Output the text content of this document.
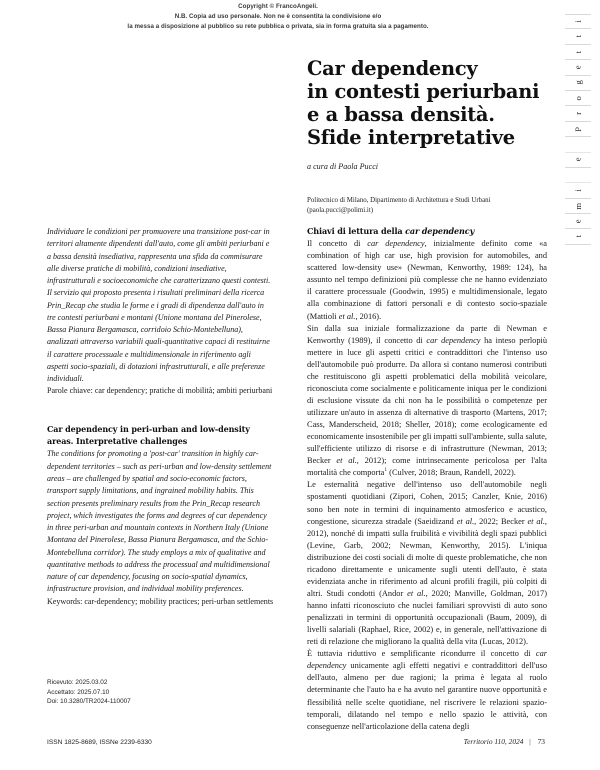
Copyright © FrancoAngeli.
N.B. Copia ad uso personale. Non ne è consentita la condivisione e/o
la messa a disposizione al pubblico su rete pubblica o privata, sia in forma gratuita sia a pagamento.
Car dependency
in contesti periurbani
e a bassa densità.
Sfide interpretative
a cura di Paola Pucci
Politecnico di Milano, Dipartimento di Architettura e Studi Urbani
(paola.pucci@polimi.it)

Individuare le condizioni per promuovere una transizione post-car in territori altamente dipendenti dall'auto, come gli ambiti periurbani e a bassa densità insediativa, rappresenta una sfida da commisurare alle diverse pratiche di mobilità, condizioni insediative, infrastrutturali e socioeconomiche che caratterizzano questi contesti. Il servizio qui proposto presenta i risultati preliminari della ricerca Prin_Recap che studia le forme e i gradi di dipendenza dall'auto in tre contesti periurbani e montani (Unione montana del Pinerolese, Bassa Pianura Bergamasca, corridoio Schio-Montebelluna), analizzati attraverso variabili quali-quantitative capaci di restituirne il carattere processuale e multidimensionale in riferimento agli aspetti socio-spaziali, di dotazioni infrastrutturali, e alle preferenze individuali.

Parole chiave: car dependency; pratiche di mobilità; ambiti periurbani

Car dependency in peri-urban and low-density
areas. Interpretative challenges

The conditions for promoting a 'post-car' transition in highly car-dependent territories – such as peri-urban and low-density settlement areas – are challenged by spatial and socio-economic factors, transport supply limitations, and ingrained mobility habits. This section presents preliminary results from the Prin_Recap research project, which investigates the forms and degrees of car dependency in three peri-urban and mountain contexts in Northern Italy (Unione Montana del Pinerolese, Bassa Pianura Bergamasca, and the Schio-Montebelluna corridor). The study employs a mix of qualitative and quantitative methods to address the processual and multidimensional nature of car dependency, focusing on socio-spatial dynamics, infrastructure provision, and individual mobility preferences.

Keywords: car-dependency; mobility practices; peri-urban settlements

Ricevuto: 2025.03.02
Accettato: 2025.07.10
Doi: 10.3280/TR2024-110007
Chiavi di lettura della car dependency

Il concetto di car dependency, inizialmente definito come «a combination of high car use, high provision for automobiles, and scattered low-density use» (Newman, Kenworthy, 1989: 124), ha assunto nel tempo definizioni più complesse che ne hanno evidenziato il carattere processuale (Goodwin, 1995) e multidimensionale, legato alla combinazione di fattori personali e di contesto socio-spaziale (Mattioli et al., 2016).

Sin dalla sua iniziale formalizzazione da parte di Newman e Kenworthy (1989), il concetto di car dependency ha inteso perlopiù mettere in luce gli aspetti critici e contraddittori che l'intenso uso dell'automobile può produrre. Da allora si contano numerosi contributi che restituiscono gli aspetti problematici della mobilità veicolare, riconosciuta come socialmente e politicamente iniqua per le condizioni di esclusione vissute da chi non ha le possibilità o competenze per utilizzare un'auto in assenza di alternative di trasporto (Martens, 2017; Cass, Manderscheid, 2018; Sheller, 2018); come ecologicamente ed economicamente insostenibile per gli impatti sull'ambiente, sulla salute, sull'efficiente utilizzo di risorse e di infrastrutture (Newman, 2013; Becker et al., 2012); come intrinsecamente pericolosa per l'alta mortalità che comporta$^1$ (Culver, 2018; Braun, Randell, 2022).

Le esternalità negative dell'intenso uso dell'automobile negli spostamenti quotidiani (Zipori, Cohen, 2015; Canzler, Knie, 2016) sono ben note in termini di inquinamento atmosferico e acustico, congestione, sicurezza stradale (Saeidizand et al., 2022; Becker et al., 2012), nonché di impatti sulla fruibilità e vivibilità degli spazi pubblici (Levine, Garb, 2002; Newman, Kenworthy, 2015). L'iniqua distribuzione dei costi sociali di molte di queste problematiche, che non ricadono direttamente e unicamente sugli utenti dell'auto, è stata evidenziata anche in riferimento ad alcuni profili fragili, più colpiti di altri. Studi condotti (Andor et al., 2020; Manville, Goldman, 2017) hanno infatti riconosciuto che nuclei familiari sprovvisti di auto sono penalizzati in termini di opportunità occupazionali (Baum, 2009), di livelli salariali (Raphael, Rice, 2002) e, in generale, nell'attivazione di reti di relazione che migliorano la qualità della vita (Lucas, 2012).

È tuttavia riduttivo e semplificante ricondurre il concetto di car dependency unicamente agli effetti negativi e contraddittori dell'uso dell'auto, almeno per due ragioni; la prima è legata al ruolo determinante che l'auto ha e ha avuto nel garantire nuove opportunità e flessibilità nelle scelte quotidiane, nel riscrivere le relazioni spazio-temporali, dilatando nel tempo e nello spazio le attività, con conseguenze nell'articolazione della catena degli

ISSN 1825-8689, ISSNe 2239-6330	Territorio 110, 2024 | 73
i
t
t
e
g
o
r
P
e
i
m
e
t
